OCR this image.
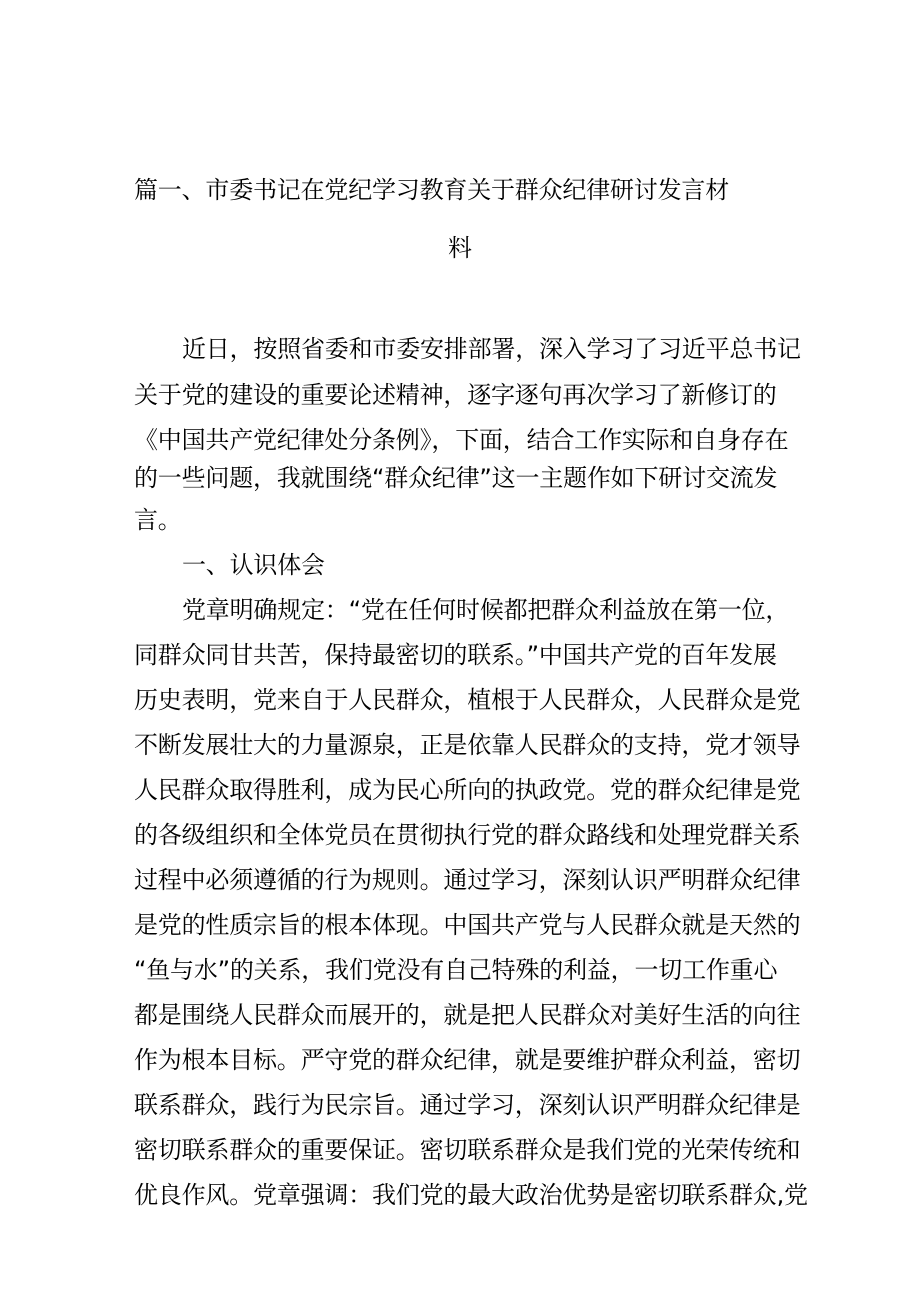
篇一、市委书记在党纪学习教育关于群众纪律研讨发言材
料
近日，按照省委和市委安排部署，深入学习了习近平总书记
关于党的建设的重要论述精神，逐字逐句再次学习了新修订的
《中国共产党纪律处分条例》，下面，结合工作实际和自身存在
的一些问题，我就围绕“群众纪律”这一主题作如下研讨交流发
言。
一、认识体会
党章明确规定：“党在任何时候都把群众利益放在第一位，
同群众同甘共苦，保持最密切的联系。”中国共产党的百年发展
历史表明，党来自于人民群众，植根于人民群众，人民群众是党
不断发展壮大的力量源泉，正是依靠人民群众的支持，党才领导
人民群众取得胜利，成为民心所向的执政党。党的群众纪律是党
的各级组织和全体党员在贯彻执行党的群众路线和处理党群关系
过程中必须遵循的行为规则。通过学习，深刻认识严明群众纪律
是党的性质宗旨的根本体现。中国共产党与人民群众就是天然的
“鱼与水”的关系，我们党没有自己特殊的利益，一切工作重心
都是围绕人民群众而展开的，就是把人民群众对美好生活的向往
作为根本目标。严守党的群众纪律，就是要维护群众利益，密切
联系群众，践行为民宗旨。通过学习，深刻认识严明群众纪律是
密切联系群众的重要保证。密切联系群众是我们党的光荣传统和
优良作风。党章强调：我们党的最大政治优势是密切联系群众,党
